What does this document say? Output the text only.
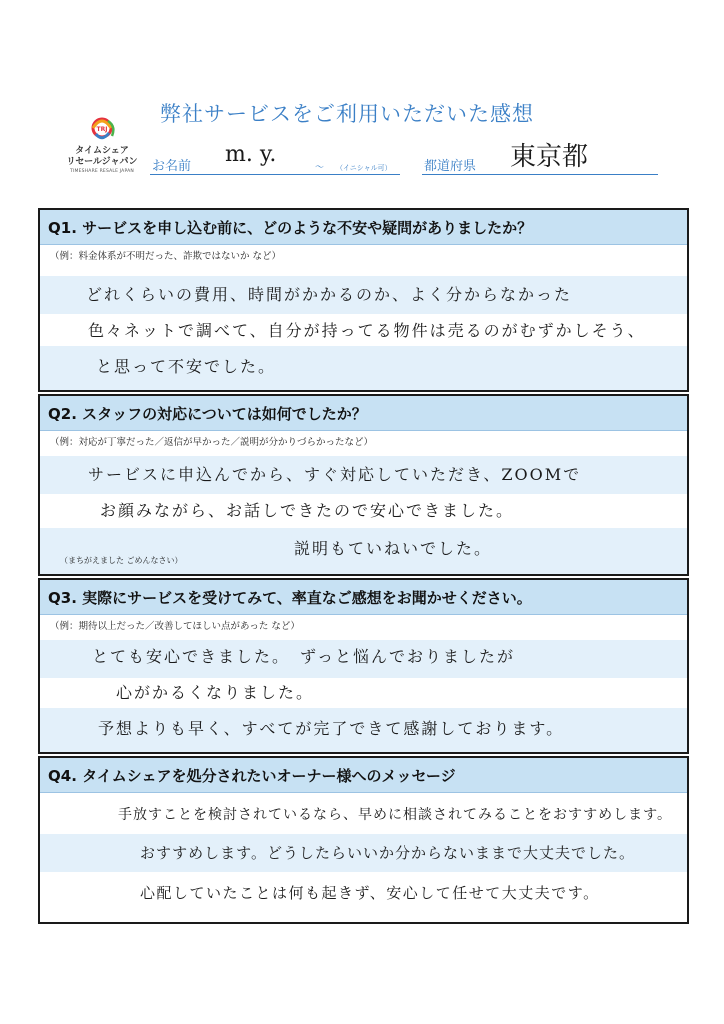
TRJ
タイムシェア
リセールジャパン
TIMESHARE RESALE JAPAN
弊社サービスをご利用いただいた感想
お名前 m. y.
～ （イニシャル可） 都道府県 東京都
Q1. サービスを申し込む前に、どのような不安や疑問がありましたか？
（例：料金体系が不明だった、詐欺ではないか など）
どれくらいの費用、時間がかかるのか、よく分からなかった
色々ネットで調べて、自分が持ってる物件は売るのがむずかしそう、
と思って不安でした。
Q2. スタッフの対応については如何でしたか？
（例：対応が丁寧だった／返信が早かった／説明が分かりづらかったなど）
サービスに申込んでから、すぐ対応していただき、ZOOMで
お顔みながら、お話しできたので安心できました。
説明もていねいでした。
（まちがえました ごめんなさい）
Q3. 実際にサービスを受けてみて、率直なご感想をお聞かせください。
（例：期待以上だった／改善してほしい点があった など）
とても安心できました。　ずっと悩んでおりましたが
心がかるくなりました。
予想よりも早く、すべてが完了できて感謝しております。
Q4. タイムシェアを処分されたいオーナー様へのメッセージ
手放すことを検討されているなら、早めに相談されてみることをおすすめします。
おすすめします。どうしたらいいか分からないままで大丈夫でした。
心配していたことは何も起きず、安心して任せて大丈夫です。
